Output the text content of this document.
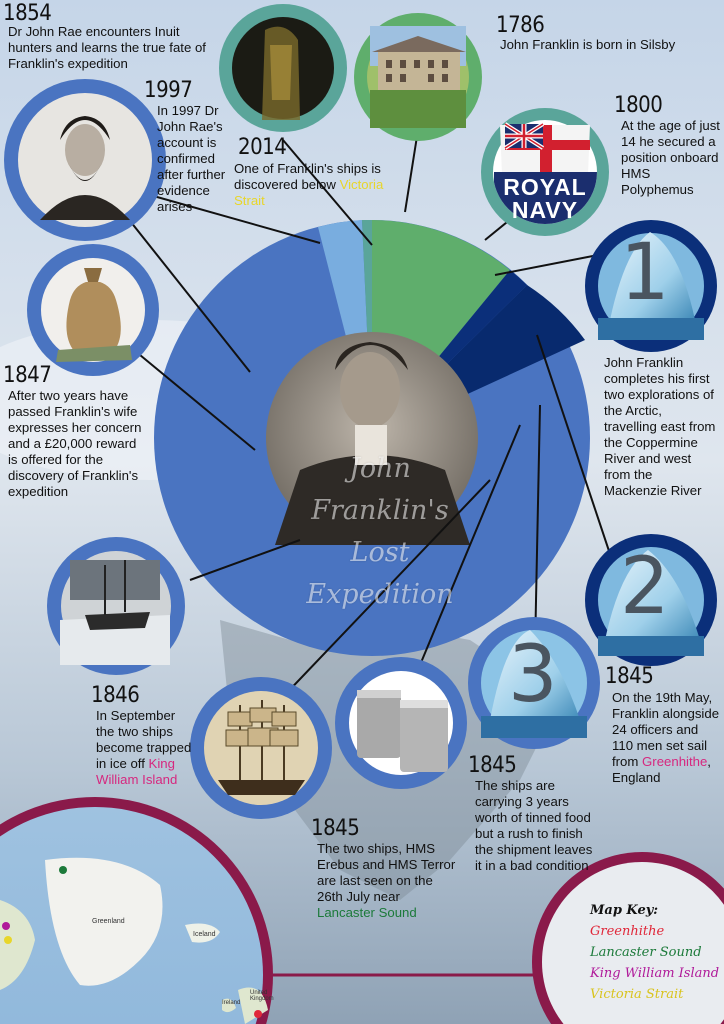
ROYAL
NAVY
1
2
3
John
Franklin's
Lost
Expedition
1854
Dr John Rae encounters Inuit hunters and learns the true fate of Franklin's expedition
1997
In 1997 Dr John Rae's account is confirmed after further evidence arises
2014
One of Franklin's ships is discovered below Victoria Strait
1786
John Franklin is born in Silsby
1800
At the age of just 14 he secured a position onboard HMS Polyphemus
John Franklin completes his first two explorations of the Arctic, travelling east from the Coppermine River and west from the Mackenzie River
1847
After two years have passed Franklin's wife expresses her concern and a £20,000 reward is offered for the discovery of Franklin's expedition
1845
On the 19th May, Franklin alongside 24 officers and 110 men set sail from Greenhithe, England
1846
In September the two ships become trapped in ice off King William Island
1845
The ships are carrying 3 years worth of tinned food but a rush to finish the shipment leaves it in a bad condition
1845
The two ships, HMS Erebus and HMS Terror are last seen on the 26th July near Lancaster Sound
Greenland
Iceland
Ireland
United Kingdom
Map Key:
Greenhithe
Lancaster Sound
King William Island
Victoria Strait
